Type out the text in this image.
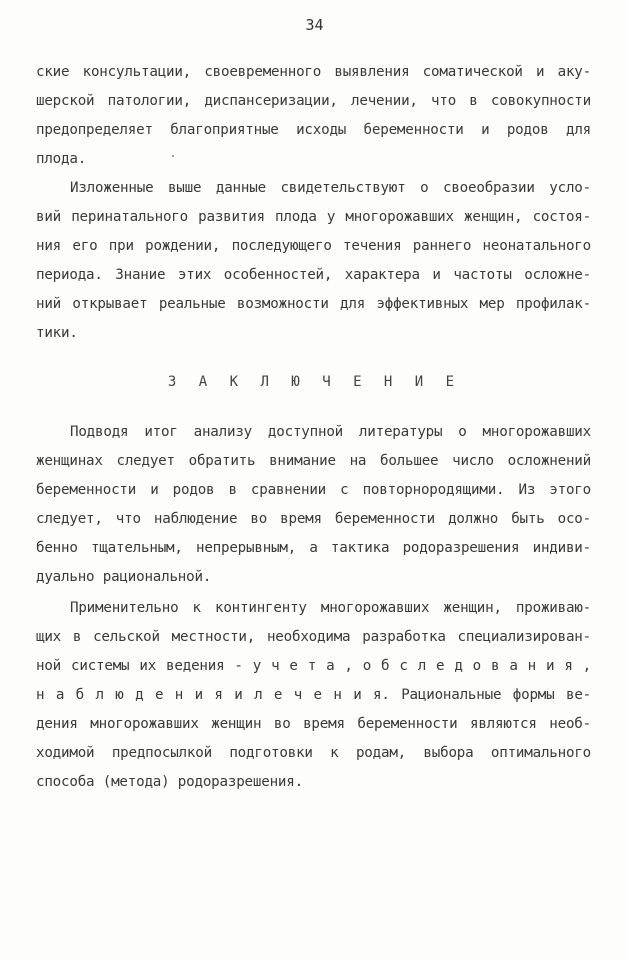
34
ские консультации, своевременного выявления соматической и аку-
шерской патологии, диспансеризации, лечении, что в совокупности
предопределяет благоприятные исходы беременности и родов для
плода.
Изложенные выше данные свидетельствуют о своеобразии усло-
вий перинатального развития плода у многорожавших женщин, состоя-
ния его при рождении, последующего течения раннего неонатального
периода. Знание этих особенностей, характера и частоты осложне-
ний открывает реальные возможности для эффективных мер профилак-
тики.
З А К Л Ю Ч Е Н И Е
Подводя итог анализу доступной литературы о многорожавших
женщинах следует обратить внимание на большее число осложнений
беременности и родов в сравнении с повторнородящими. Из этого
следует, что наблюдение во время беременности должно быть осо-
бенно тщательным, непрерывным, а тактика родоразрешения индиви-
дуально рациональной.
Применительно к контингенту многорожавших женщин, проживаю-
щих в сельской местности, необходима разработка специализирован-
ной системы их ведения - у ч е т а , о б с л е д о в а н и я ,
н а б л ю д е н и я и л е ч е н и я. Рациональные формы ве-
дения многорожавших женщин во время беременности являются необ-
ходимой предпосылкой подготовки к родам, выбора оптимального
способа (метода) родоразрешения.
